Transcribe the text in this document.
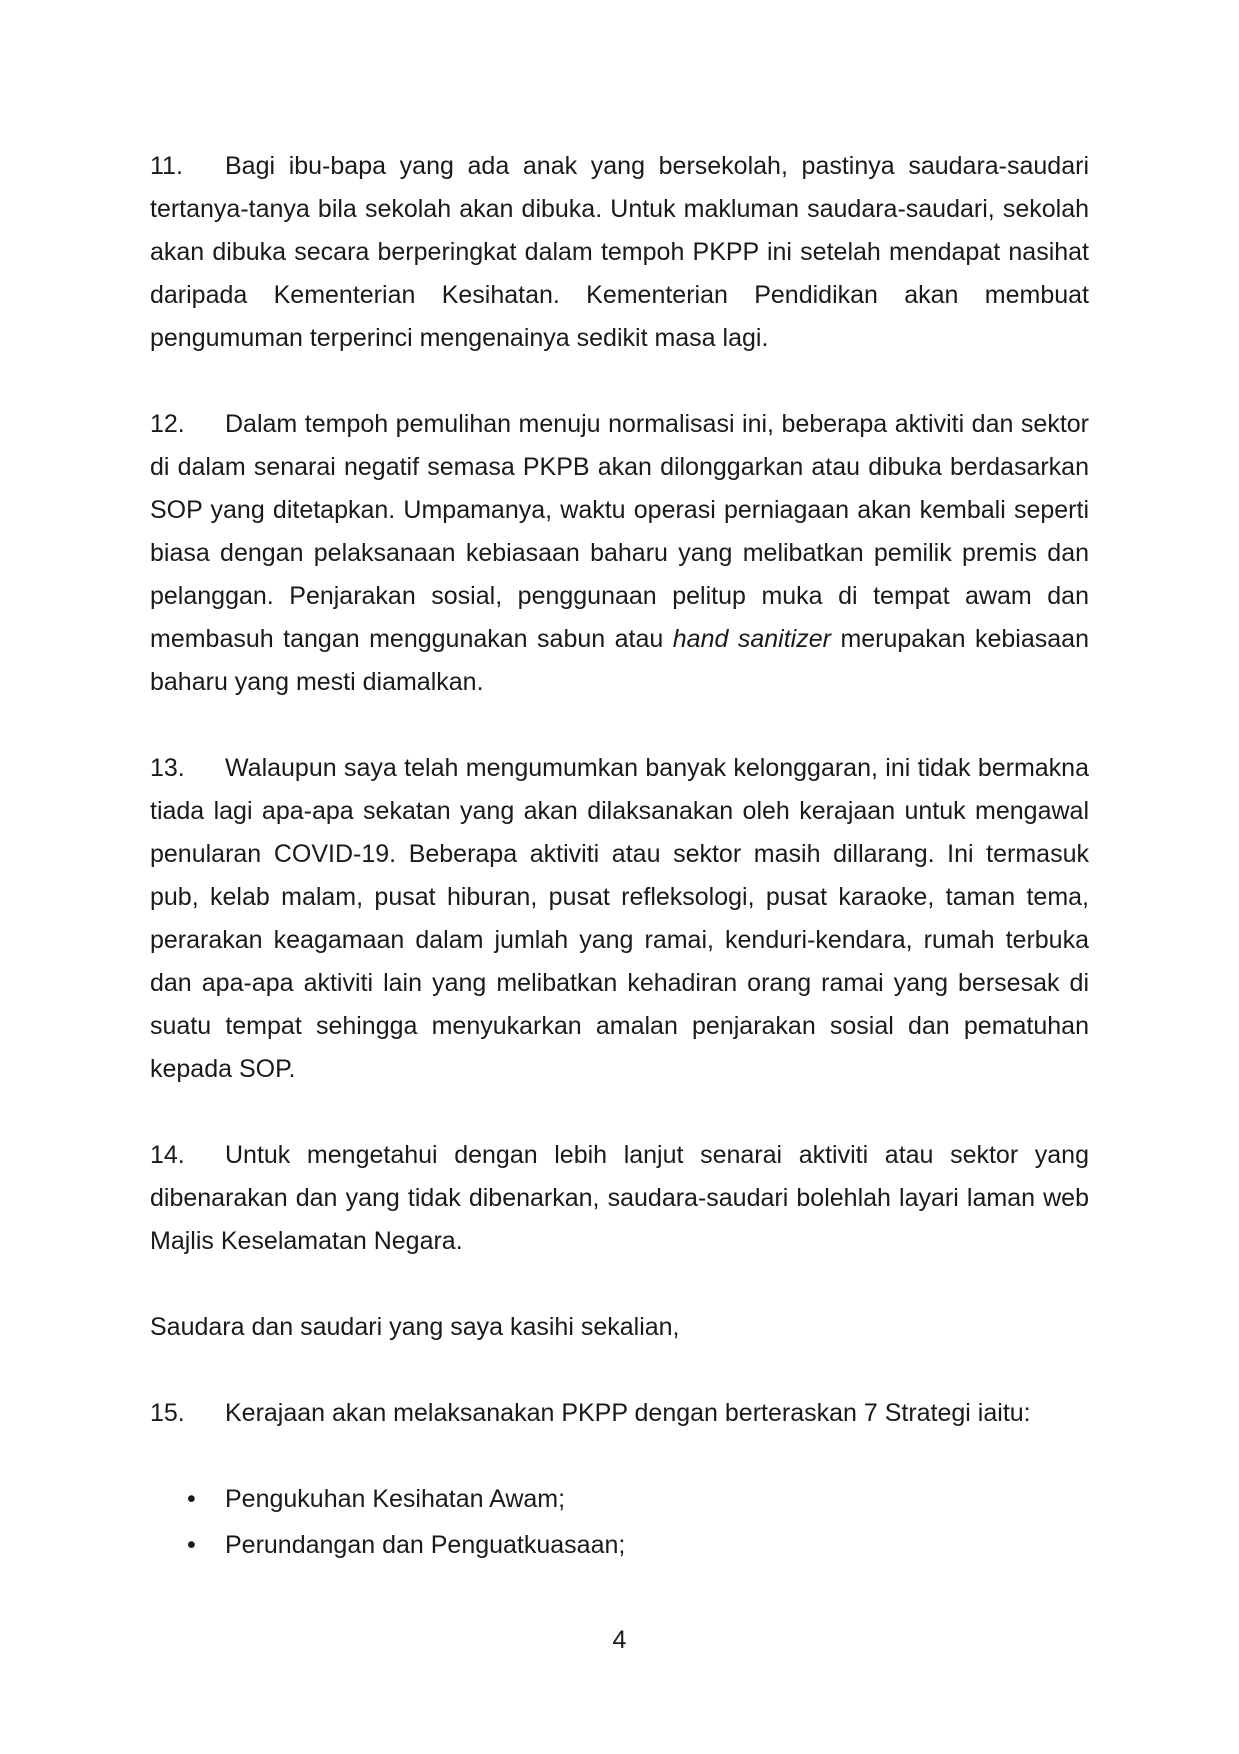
11. Bagi ibu-bapa yang ada anak yang bersekolah, pastinya saudara-saudari tertanya-tanya bila sekolah akan dibuka. Untuk makluman saudara-saudari, sekolah akan dibuka secara berperingkat dalam tempoh PKPP ini setelah mendapat nasihat daripada Kementerian Kesihatan. Kementerian Pendidikan akan membuat pengumuman terperinci mengenainya sedikit masa lagi.

12. Dalam tempoh pemulihan menuju normalisasi ini, beberapa aktiviti dan sektor di dalam senarai negatif semasa PKPB akan dilonggarkan atau dibuka berdasarkan SOP yang ditetapkan. Umpamanya, waktu operasi perniagaan akan kembali seperti biasa dengan pelaksanaan kebiasaan baharu yang melibatkan pemilik premis dan pelanggan. Penjarakan sosial, penggunaan pelitup muka di tempat awam dan membasuh tangan menggunakan sabun atau hand sanitizer merupakan kebiasaan baharu yang mesti diamalkan.

13. Walaupun saya telah mengumumkan banyak kelonggaran, ini tidak bermakna tiada lagi apa-apa sekatan yang akan dilaksanakan oleh kerajaan untuk mengawal penularan COVID-19. Beberapa aktiviti atau sektor masih dillarang. Ini termasuk pub, kelab malam, pusat hiburan, pusat refleksologi, pusat karaoke, taman tema, perarakan keagamaan dalam jumlah yang ramai, kenduri-kendara, rumah terbuka dan apa-apa aktiviti lain yang melibatkan kehadiran orang ramai yang bersesak di suatu tempat sehingga menyukarkan amalan penjarakan sosial dan pematuhan kepada SOP.

14. Untuk mengetahui dengan lebih lanjut senarai aktiviti atau sektor yang dibenarakan dan yang tidak dibenarkan, saudara-saudari bolehlah layari laman web Majlis Keselamatan Negara.

Saudara dan saudari yang saya kasihi sekalian,

15. Kerajaan akan melaksanakan PKPP dengan berteraskan 7 Strategi iaitu:

•	Pengukuhan Kesihatan Awam;
•	Perundangan dan Penguatkuasaan;
4
